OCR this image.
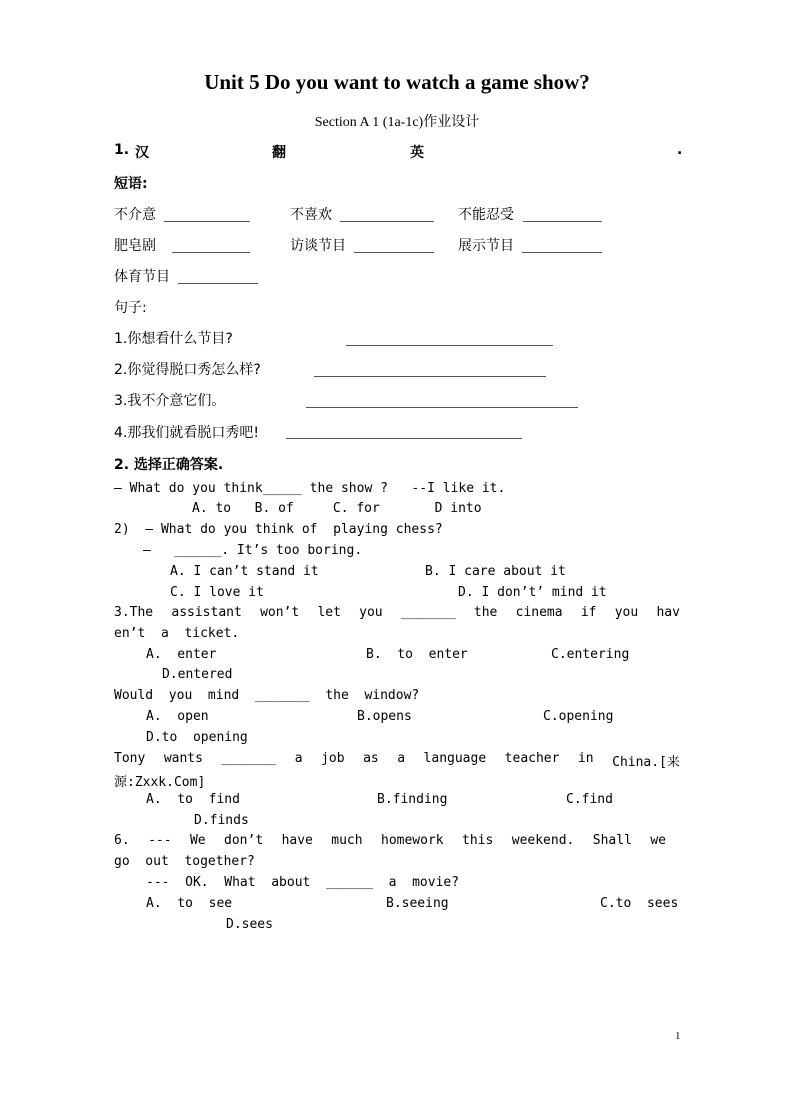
Unit 5 Do you want to watch a game show?
Section A 1 (1a-1c)作业设计
1. 汉	翻	英	.
短语:
不介意	不喜欢	不能忍受
肥皂剧	访谈节目	展示节目
体育节目
句子:
1.你想看什么节目?
2.你觉得脱口秀怎么样?
3.我不介意它们。
4.那我们就看脱口秀吧!
2. 选择正确答案.
– What do you think_____ the show ?   --I like it.
A. to   B. of     C. for       D into
2)  – What do you think of  playing chess?
–   ______. It’s too boring.
A. I can’t stand it	B. I care about it
C. I love it	D. I don’t’ mind it
3.The assistant won’t let you _______ the cinema if you hav
en’t  a  ticket.
A.  enter	B.  to  enter	C.entering
D.entered
Would  you  mind  _______  the  window?
A.  open	B.opens	C.opening
D.to  opening
Tony wants _______ a job as a language teacher in China.[来
源:Zxxk.Com]
A.  to  find	B.finding	C.find
D.finds
6. --- We don’t have much homework this weekend. Shall we
go  out  together?
---  OK.  What  about  ______  a  movie?
A.  to  see	B.seeing	C.to  sees
D.sees
1
